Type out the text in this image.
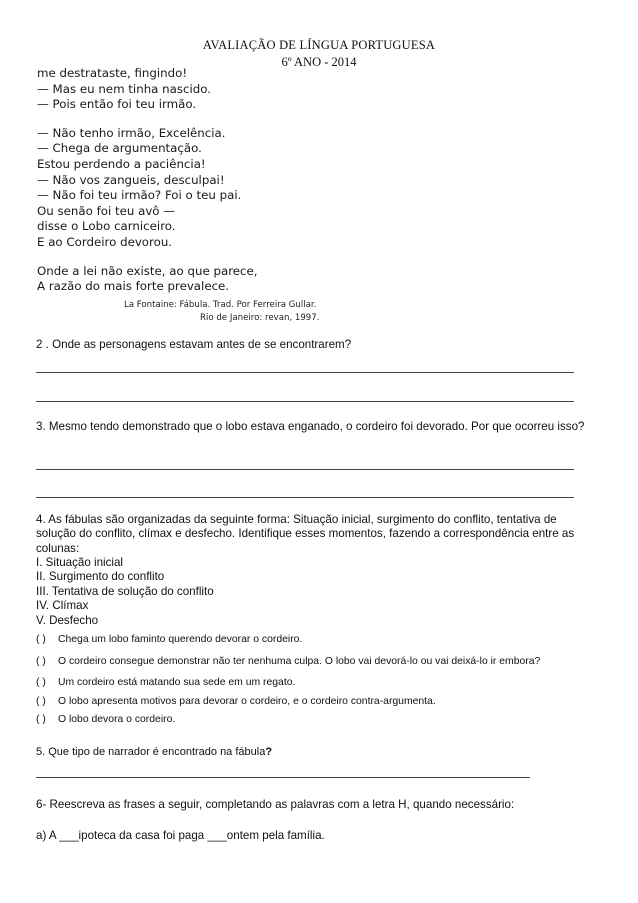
AVALIAÇÃO DE LÍNGUA PORTUGUESA
6º ANO - 2014
me destrataste, fingindo!
— Mas eu nem tinha nascido.
— Pois então foi teu irmão.
— Não tenho irmão, Excelência.
— Chega de argumentação.
Estou perdendo a paciência!
— Não vos zangueis, desculpai!
— Não foi teu irmão? Foi o teu pai.
Ou senão foi teu avô —
disse o Lobo carniceiro.
E ao Cordeiro devorou.
Onde a lei não existe, ao que parece,
A razão do mais forte prevalece.
La Fontaine: Fábula. Trad. Por Ferreira Gullar.
Rio de Janeiro: revan, 1997.
2 . Onde as personagens estavam antes de se encontrarem?
3. Mesmo tendo demonstrado que o lobo estava enganado, o cordeiro foi devorado. Por que ocorreu isso?
4. As fábulas são organizadas da seguinte forma: Situação inicial, surgimento do conflito, tentativa de solução do conflito, clímax e desfecho. Identifique esses momentos, fazendo a correspondência entre as colunas:
I. Situação inicial
II. Surgimento do conflito
III. Tentativa de solução do conflito
IV. Clímax
V. Desfecho
( ) Chega um lobo faminto querendo devorar o cordeiro.
( ) O cordeiro consegue demonstrar não ter nenhuma culpa. O lobo vai devorá-lo ou vai deixá-lo ir embora?
( ) Um cordeiro está matando sua sede em um regato.
( ) O lobo apresenta motivos para devorar o cordeiro, e o cordeiro contra-argumenta.
( ) O lobo devora o cordeiro.
5. Que tipo de narrador é encontrado na fábula?
6- Reescreva as frases a seguir, completando as palavras com a letra H, quando necessário:
a) A ___ipoteca da casa foi paga ___ontem pela família.
